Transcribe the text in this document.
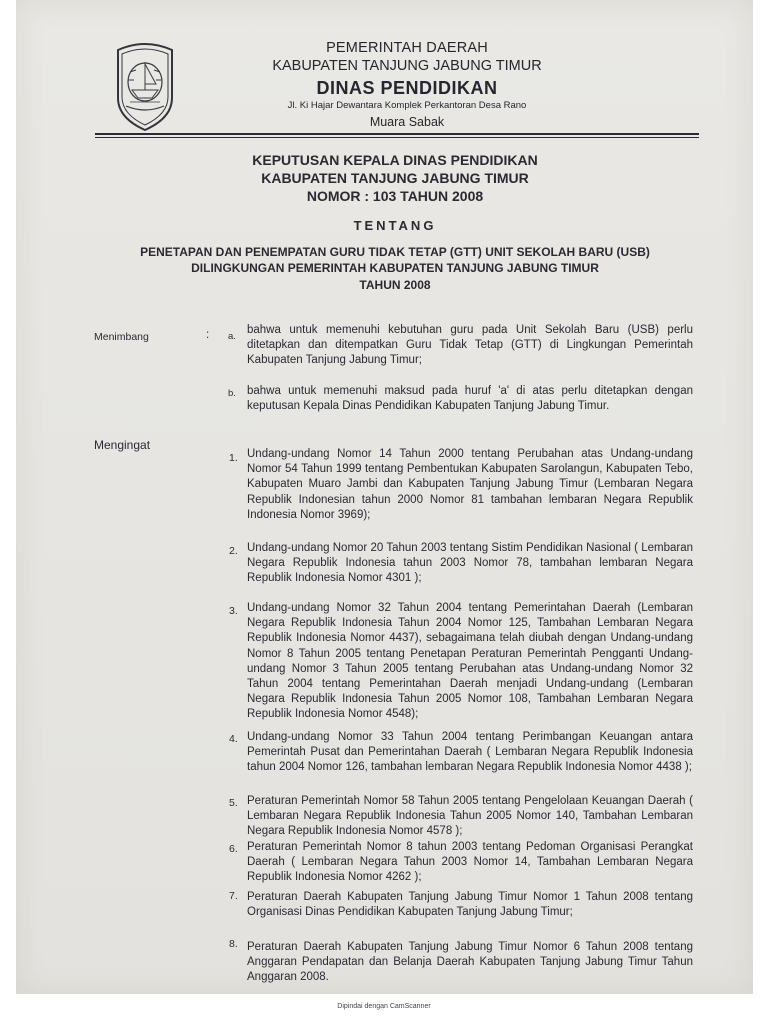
PEMERINTAH DAERAH
KABUPATEN TANJUNG JABUNG TIMUR
DINAS PENDIDIKAN
Jl. Ki Hajar Dewantara Komplek Perkantoran Desa Rano
Muara Sabak
KEPUTUSAN KEPALA DINAS PENDIDIKAN
KABUPATEN TANJUNG JABUNG TIMUR
NOMOR : 103 TAHUN 2008
TENTANG
PENETAPAN DAN PENEMPATAN GURU TIDAK TETAP (GTT) UNIT SEKOLAH BARU (USB)
DILINGKUNGAN PEMERINTAH KABUPATEN TANJUNG JABUNG TIMUR
TAHUN 2008
Menimbang	: a.
bahwa untuk memenuhi kebutuhan guru pada Unit Sekolah Baru (USB) perlu ditetapkan dan ditempatkan Guru Tidak Tetap (GTT) di Lingkungan Pemerintah Kabupaten Tanjung Jabung Timur;
b. bahwa untuk memenuhi maksud pada huruf 'a' di atas perlu ditetapkan dengan keputusan Kepala Dinas Pendidikan Kabupaten Tanjung Jabung Timur.
Mengingat
1. Undang-undang Nomor 14 Tahun 2000 tentang Perubahan atas Undang-undang Nomor 54 Tahun 1999 tentang Pembentukan Kabupaten Sarolangun, Kabupaten Tebo, Kabupaten Muaro Jambi dan Kabupaten Tanjung Jabung Timur (Lembaran Negara Republik Indonesian tahun 2000 Nomor 81 tambahan lembaran Negara Republik Indonesia Nomor 3969);
2. Undang-undang Nomor 20 Tahun 2003 tentang Sistim Pendidikan Nasional ( Lembaran Negara Republik Indonesia tahun 2003 Nomor 78, tambahan lembaran Negara Republik Indonesia Nomor 4301 );
3. Undang-undang Nomor 32 Tahun 2004 tentang Pemerintahan Daerah (Lembaran Negara Republik Indonesia Tahun 2004 Nomor 125, Tambahan Lembaran Negara Republik Indonesia Nomor 4437), sebagaimana telah diubah dengan Undang-undang Nomor 8 Tahun 2005 tentang Penetapan Peraturan Pemerintah Pengganti Undang-undang Nomor 3 Tahun 2005 tentang Perubahan atas Undang-undang Nomor 32 Tahun 2004 tentang Pemerintahan Daerah menjadi Undang-undang (Lembaran Negara Republik Indonesia Tahun 2005 Nomor 108, Tambahan Lembaran Negara Republik Indonesia Nomor 4548);
4. Undang-undang Nomor 33 Tahun 2004 tentang Perimbangan Keuangan antara Pemerintah Pusat dan Pemerintahan Daerah ( Lembaran Negara Republik Indonesia tahun 2004 Nomor 126, tambahan lembaran Negara Republik Indonesia Nomor 4438 );
5. Peraturan Pemerintah Nomor 58 Tahun 2005 tentang Pengelolaan Keuangan Daerah ( Lembaran Negara Republik Indonesia Tahun 2005 Nomor 140, Tambahan Lembaran Negara Republik Indonesia Nomor 4578 );
6. Peraturan Pemerintah Nomor 8 tahun 2003 tentang Pedoman Organisasi Perangkat Daerah ( Lembaran Negara Tahun 2003 Nomor 14, Tambahan Lembaran Negara Republik Indonesia Nomor 4262 );
7. Peraturan Daerah Kabupaten Tanjung Jabung Timur Nomor 1 Tahun 2008 tentang Organisasi Dinas Pendidikan Kabupaten Tanjung Jabung Timur;
8. Peraturan Daerah Kabupaten Tanjung Jabung Timur Nomor 6 Tahun 2008 tentang Anggaran Pendapatan dan Belanja Daerah Kabupaten Tanjung Jabung Timur Tahun Anggaran 2008.
Dipindai dengan CamScanner
